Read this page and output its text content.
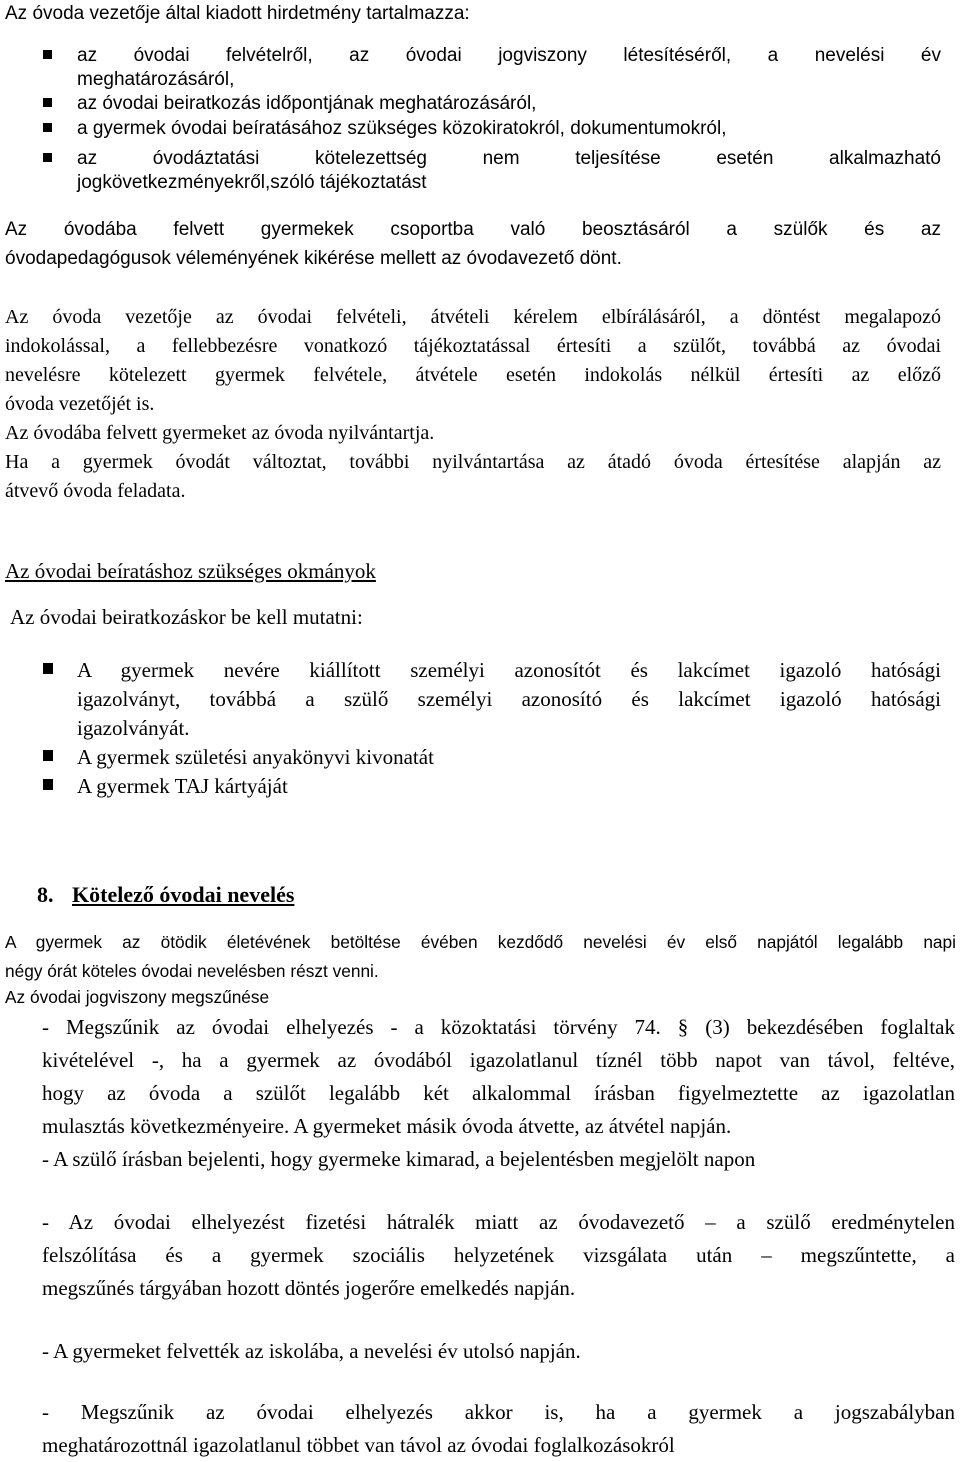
Az óvoda vezetője által kiadott hirdetmény tartalmazza:
az óvodai felvételről, az óvodai jogviszony létesítéséről, a nevelési év
meghatározásáról,
az óvodai beiratkozás időpontjának meghatározásáról,
a gyermek óvodai beíratásához szükséges közokiratokról, dokumentumokról,
az óvodáztatási kötelezettség nem teljesítése esetén alkalmazható
jogkövetkezményekről,szóló tájékoztatást
Az óvodába felvett gyermekek csoportba való beosztásáról a szülők és az
óvodapedagógusok véleményének kikérése mellett az óvodavezető dönt.
Az óvoda vezetője az óvodai felvételi, átvételi kérelem elbírálásáról, a döntést megalapozó
indokolással, a fellebbezésre vonatkozó tájékoztatással értesíti a szülőt, továbbá az óvodai
nevelésre kötelezett gyermek felvétele, átvétele esetén indokolás nélkül értesíti az előző
óvoda vezetőjét is.
Az óvodába felvett gyermeket az óvoda nyilvántartja.
Ha a gyermek óvodát változtat, további nyilvántartása az átadó óvoda értesítése alapján az
átvevő óvoda feladata.
Az óvodai beíratáshoz szükséges okmányok
Az óvodai beiratkozáskor be kell mutatni:
A gyermek nevére kiállított személyi azonosítót és lakcímet igazoló hatósági
igazolványt, továbbá a szülő személyi azonosító és lakcímet igazoló hatósági
igazolványát.
A gyermek születési anyakönyvi kivonatát
A gyermek TAJ kártyáját
8. Kötelező óvodai nevelés
A gyermek az ötödik életévének betöltése évében kezdődő nevelési év első napjától legalább napi
négy órát köteles óvodai nevelésben részt venni.
Az óvodai jogviszony megszűnése
- Megszűnik az óvodai elhelyezés - a közoktatási törvény 74. § (3) bekezdésében foglaltak
kivételével -, ha a gyermek az óvodából igazolatlanul tíznél több napot van távol, feltéve,
hogy az óvoda a szülőt legalább két alkalommal írásban figyelmeztette az igazolatlan
mulasztás következményeire. A gyermeket másik óvoda átvette, az átvétel napján.
- A szülő írásban bejelenti, hogy gyermeke kimarad, a bejelentésben megjelölt napon
- Az óvodai elhelyezést fizetési hátralék miatt az óvodavezető – a szülő eredménytelen
felszólítása és a gyermek szociális helyzetének vizsgálata után – megszűntette, a
megszűnés tárgyában hozott döntés jogerőre emelkedés napján.
- A gyermeket felvették az iskolába, a nevelési év utolsó napján.
- Megszűnik az óvodai elhelyezés akkor is, ha a gyermek a jogszabályban
meghatározottnál igazolatlanul többet van távol az óvodai foglalkozásokról
